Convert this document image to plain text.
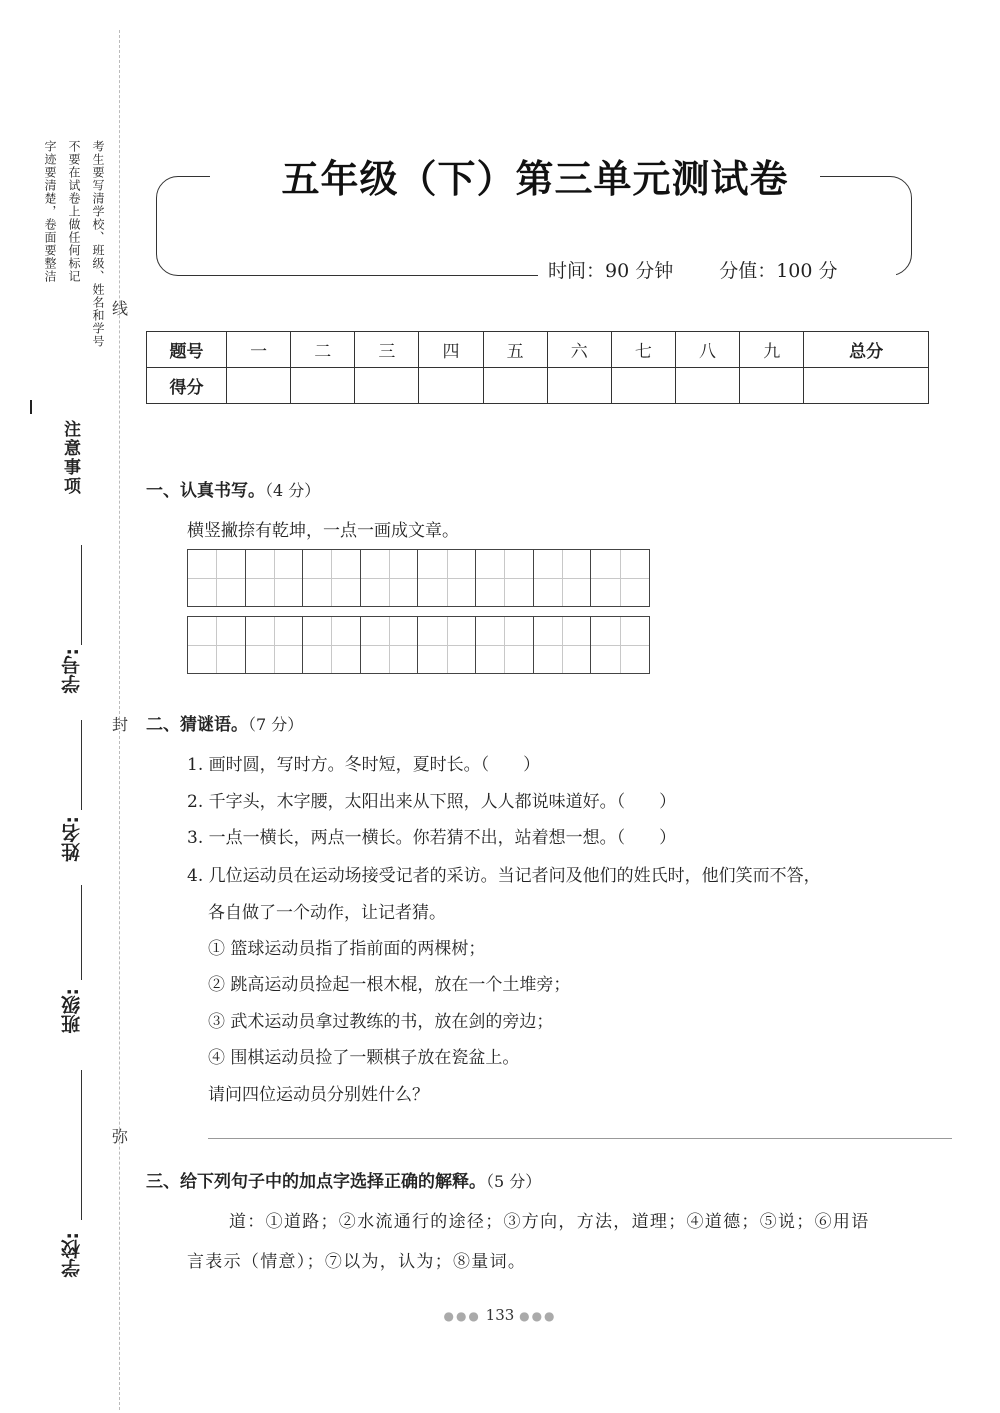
考生要写清学校、班级、姓名和学号
不要在试卷上做任何标记
字迹要清楚，卷面要整洁
注意事项
线
封
弥
学号:
姓名:
班级:
学校:
五年级（下）第三单元测试卷
时间：90 分钟 分值：100 分
题号	一	二	三	四	五	六	七	八	九	总分
得分										
一、认真书写。（4 分）
横竖撇捺有乾坤，一点一画成文章。
二、猜谜语。（7 分）
1. 画时圆，写时方。冬时短，夏时长。（　　）
2. 千字头，木字腰，太阳出来从下照，人人都说味道好。（　　）
3. 一点一横长，两点一横长。你若猜不出，站着想一想。（　　）
4. 几位运动员在运动场接受记者的采访。当记者问及他们的姓氏时，他们笑而不答，
各自做了一个动作，让记者猜。
① 篮球运动员指了指前面的两棵树；
② 跳高运动员捡起一根木棍，放在一个土堆旁；
③ 武术运动员拿过教练的书，放在剑的旁边；
④ 围棋运动员捡了一颗棋子放在瓷盆上。
请问四位运动员分别姓什么？
三、给下列句子中的加点字选择正确的解释。（5 分）
道：①道路；②水流通行的途径；③方向，方法，道理；④道德；⑤说；⑥用语
言表示（情意）；⑦以为，认为；⑧量词。
●●● 133 ●●●
